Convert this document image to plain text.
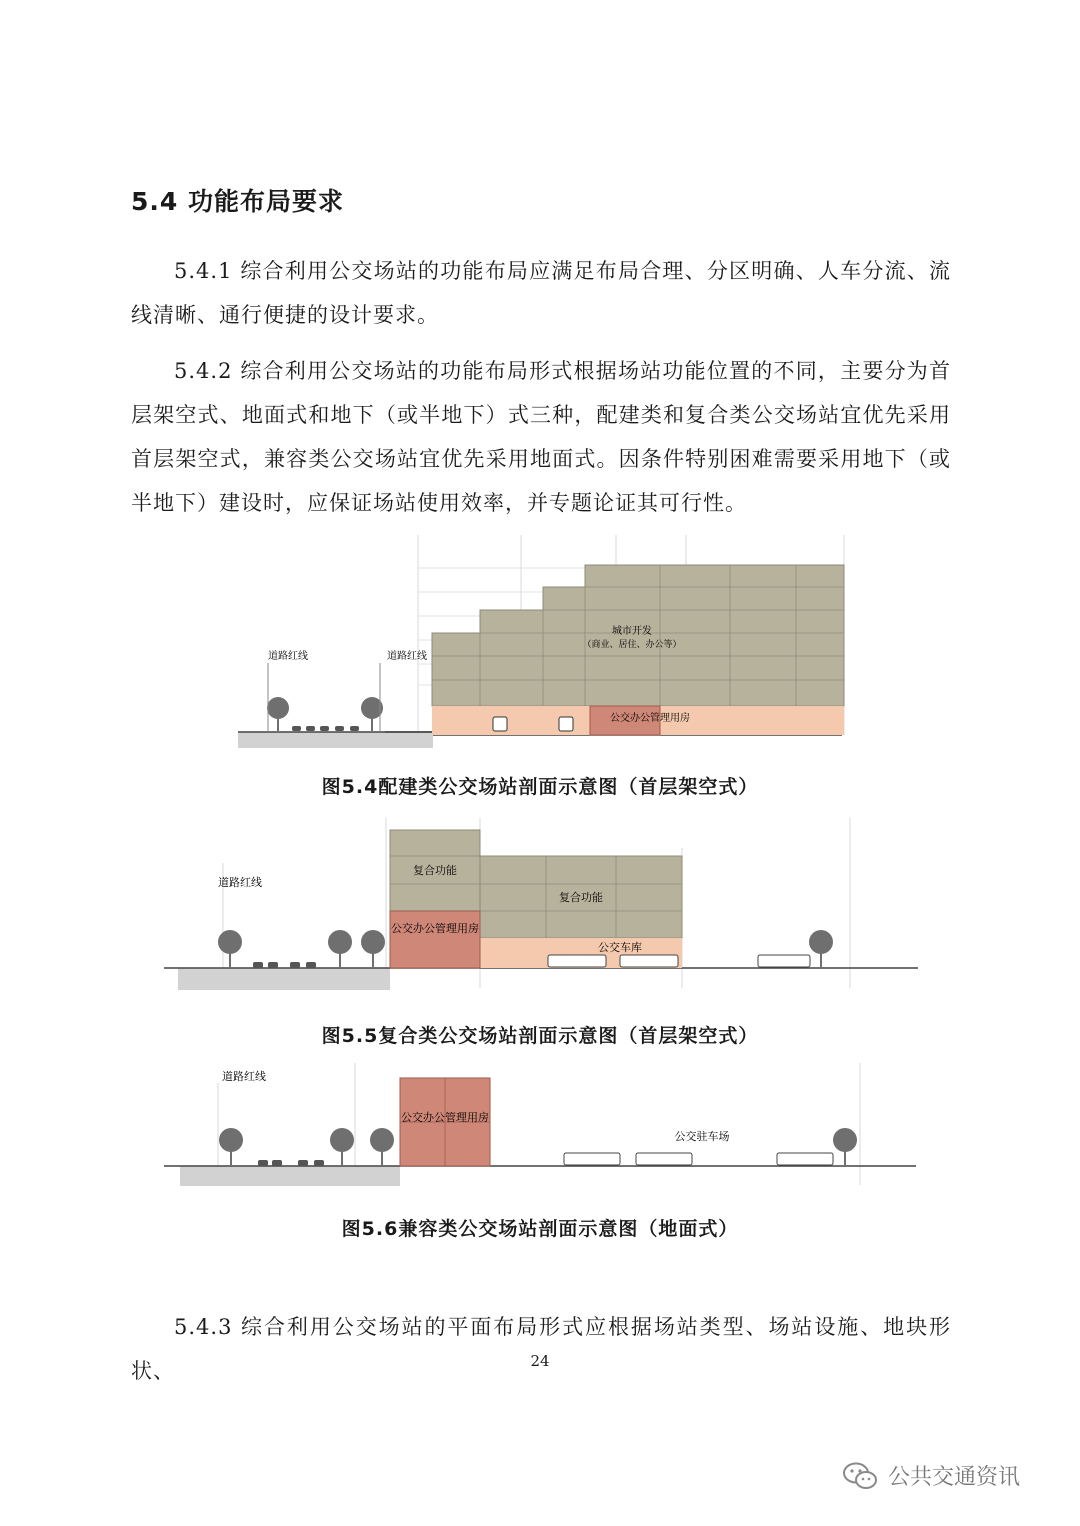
5.4 功能布局要求

5.4.1 综合利用公交场站的功能布局应满足布局合理、分区明确、人车分流、流线清晰、通行便捷的设计要求。

5.4.2 综合利用公交场站的功能布局形式根据场站功能位置的不同，主要分为首层架空式、地面式和地下（或半地下）式三种，配建类和复合类公交场站宜优先采用首层架空式，兼容类公交场站宜优先采用地面式。因条件特别困难需要采用地下（或半地下）建设时，应保证场站使用效率，并专题论证其可行性。

道路红线	道路红线
城市开发
（商业、居住、办公等）
公交办公管理用房

图5.4配建类公交场站剖面示意图（首层架空式）

道路红线
复合功能
复合功能
公交办公管理用房
公交车库

图5.5复合类公交场站剖面示意图（首层架空式）

道路红线
公交办公管理用房
公交驻车场

图5.6兼容类公交场站剖面示意图（地面式）

5.4.3 综合利用公交场站的平面布局形式应根据场站类型、场站设施、地块形状、	24
公共交通资讯
